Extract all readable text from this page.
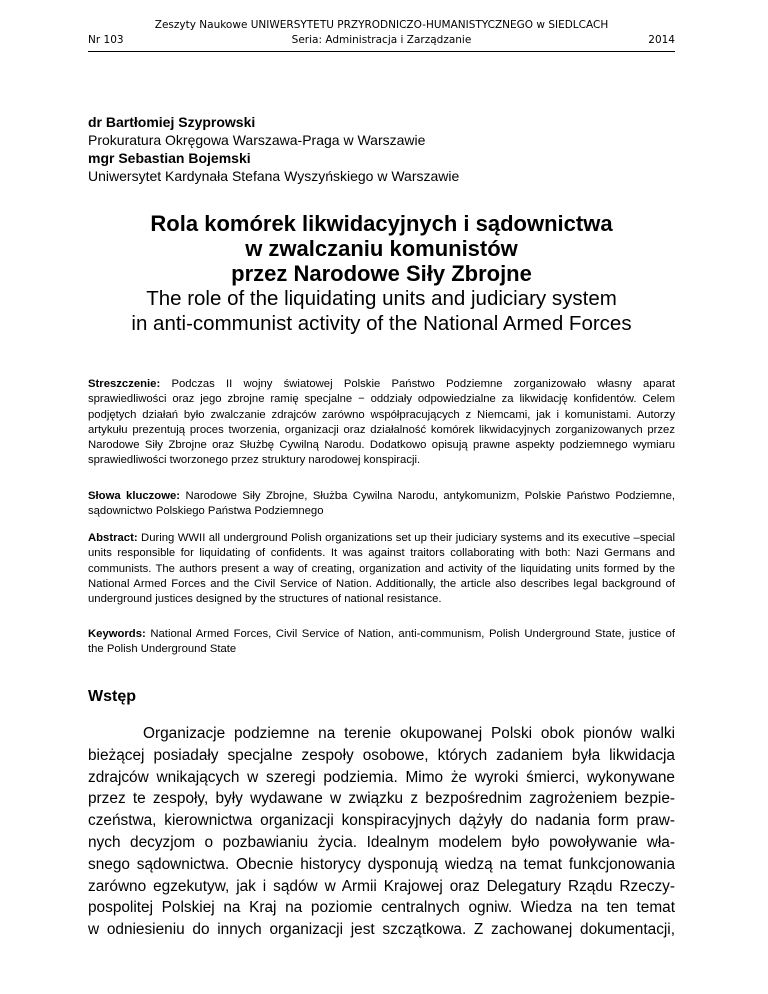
Zeszyty Naukowe UNIWERSYTETU PRZYRODNICZO-HUMANISTYCZNEGO w SIEDLCACH
Nr 103	Seria: Administracja i Zarządzanie	2014
dr Bartłomiej Szyprowski
Prokuratura Okręgowa Warszawa-Praga w Warszawie
mgr Sebastian Bojemski
Uniwersytet Kardynała Stefana Wyszyńskiego w Warszawie
Rola komórek likwidacyjnych i sądownictwa
w zwalczaniu komunistów
przez Narodowe Siły Zbrojne
The role of the liquidating units and judiciary system
in anti-communist activity of the National Armed Forces
Streszczenie: Podczas II wojny światowej Polskie Państwo Podziemne zorganizowało własny aparat sprawiedliwości oraz jego zbrojne ramię specjalne − oddziały odpowiedzialne za likwidację konfidentów. Celem podjętych działań było zwalczanie zdrajców zarówno współpracujących z Niemcami, jak i komunistami. Autorzy artykułu prezentują proces tworzenia, organizacji oraz działalność komórek likwidacyjnych zorganizowanych przez Narodowe Siły Zbrojne oraz Służbę Cywilną Narodu. Dodatkowo opisują prawne aspekty podziemnego wymiaru sprawiedliwości tworzonego przez struktury narodowej konspiracji.
Słowa kluczowe: Narodowe Siły Zbrojne, Służba Cywilna Narodu, antykomunizm, Polskie Państwo Podziemne, sądownictwo Polskiego Państwa Podziemnego
Abstract: During WWII all underground Polish organizations set up their judiciary systems and its executive –special units responsible for liquidating of confidents. It was against traitors collaborating with both: Nazi Germans and communists. The authors present a way of creating, organization and activity of the liquidating units formed by the National Armed Forces and the Civil Service of Nation. Additionally, the article also describes legal background of underground justices designed by the structures of national resistance.
Keywords: National Armed Forces, Civil Service of Nation, anti-communism, Polish Underground State, justice of the Polish Underground State
Wstęp
Organizacje podziemne na terenie okupowanej Polski obok pionów walki
bieżącej posiadały specjalne zespoły osobowe, których zadaniem była likwidacja
zdrajców wnikających w szeregi podziemia. Mimo że wyroki śmierci, wykonywane
przez te zespoły, były wydawane w związku z bezpośrednim zagrożeniem bezpie-
czeństwa, kierownictwa organizacji konspiracyjnych dążyły do nadania form praw-
nych decyzjom o pozbawianiu życia. Idealnym modelem było powoływanie wła-
snego sądownictwa. Obecnie historycy dysponują wiedzą na temat funkcjonowania
zarówno egzekutyw, jak i sądów w Armii Krajowej oraz Delegatury Rządu Rzeczy-
pospolitej Polskiej na Kraj na poziomie centralnych ogniw. Wiedza na ten temat
w odniesieniu do innych organizacji jest szczątkowa. Z zachowanej dokumentacji,
